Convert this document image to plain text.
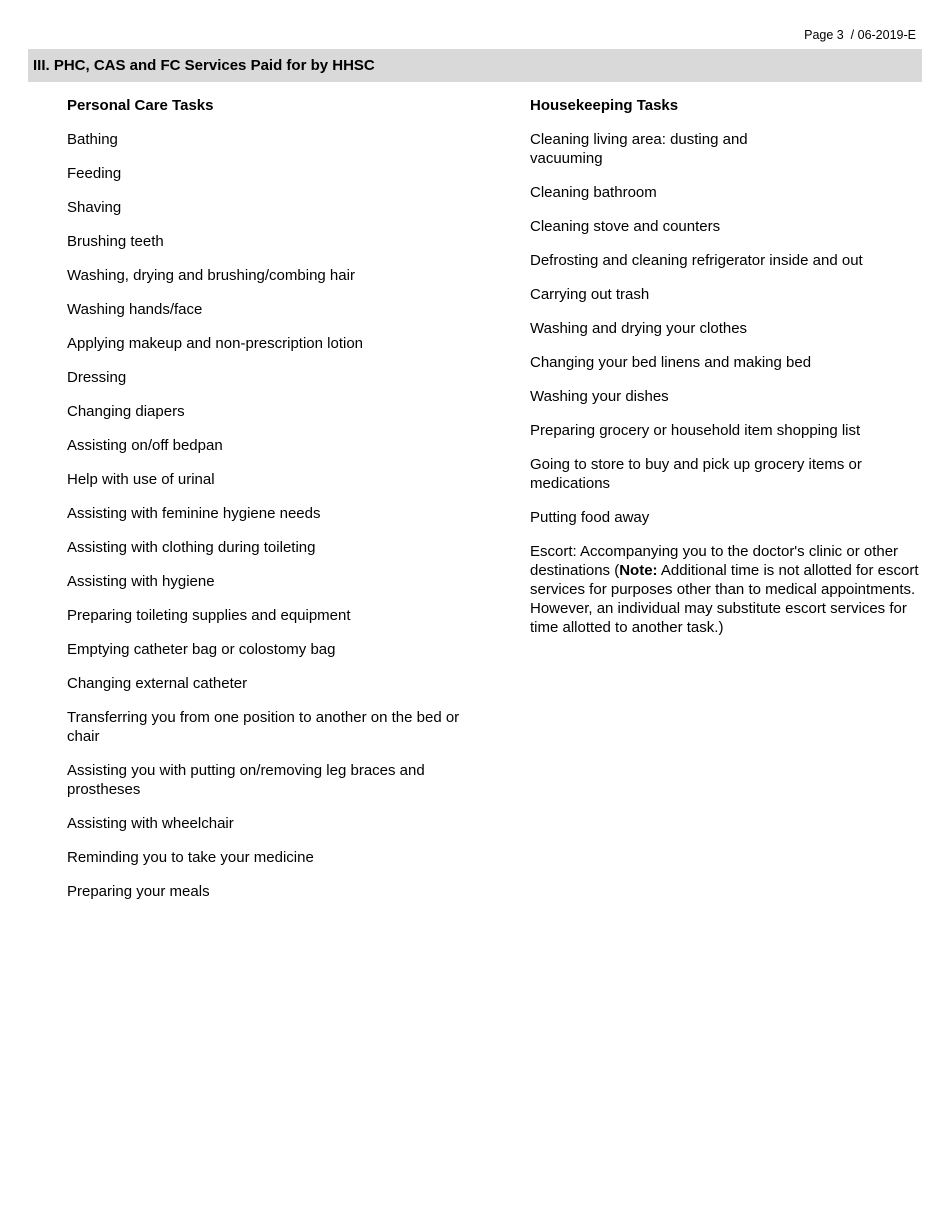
Page 3  / 06-2019-E
III. PHC, CAS and FC Services Paid for by HHSC
Personal Care Tasks
Bathing
Feeding
Shaving
Brushing teeth
Washing, drying and brushing/combing hair
Washing hands/face
Applying makeup and non-prescription lotion
Dressing
Changing diapers
Assisting on/off bedpan
Help with use of urinal
Assisting with feminine hygiene needs
Assisting with clothing during toileting
Assisting with hygiene
Preparing toileting supplies and equipment
Emptying catheter bag or colostomy bag
Changing external catheter
Transferring you from one position to another on the bed or chair
Assisting you with putting on/removing leg braces and prostheses
Assisting with wheelchair
Reminding you to take your medicine
Preparing your meals
Housekeeping Tasks
Cleaning living area: dusting and vacuuming
Cleaning bathroom
Cleaning stove and counters
Defrosting and cleaning refrigerator inside and out
Carrying out trash
Washing and drying your clothes
Changing your bed linens and making bed
Washing your dishes
Preparing grocery or household item shopping list
Going to store to buy and pick up grocery items or medications
Putting food away
Escort: Accompanying you to the doctor's clinic or other destinations (Note: Additional time is not allotted for escort services for purposes other than to medical appointments. However, an individual may substitute escort services for time allotted to another task.)
